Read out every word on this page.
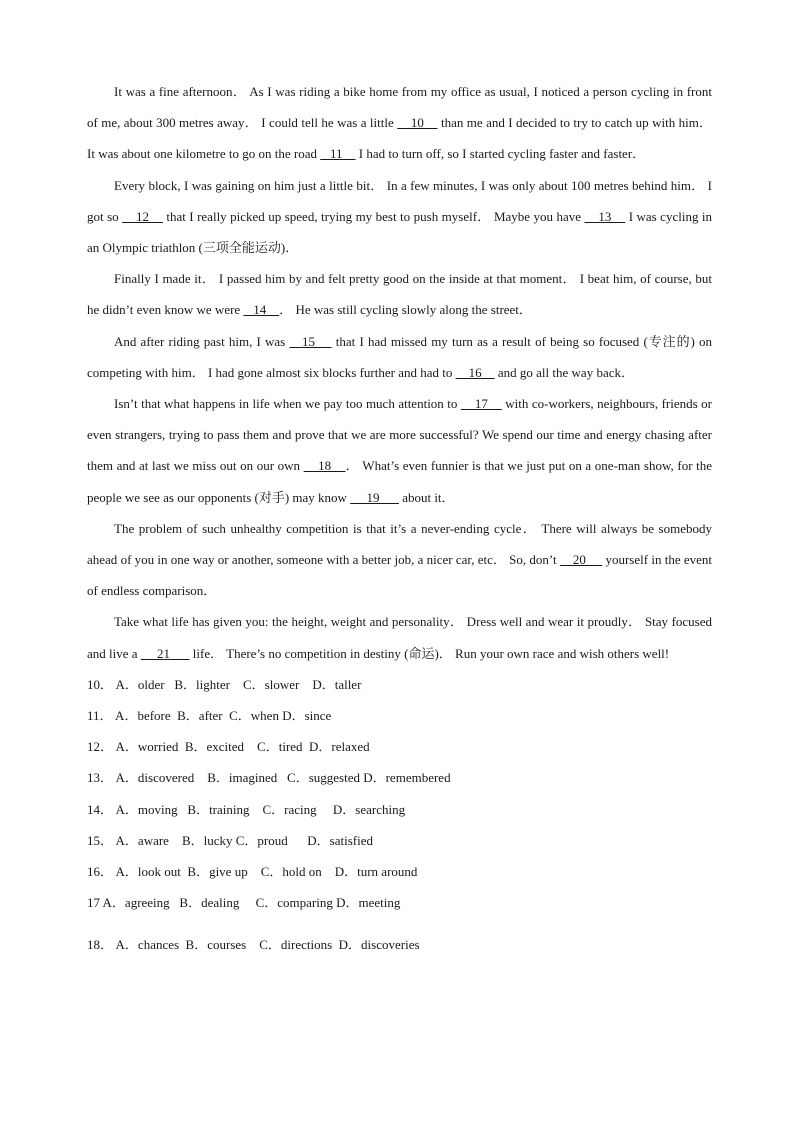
It was a fine afternoon． As I was riding a bike home from my office as usual, I noticed a person cycling in front of me, about 300 metres away． I could tell he was a little     10     than me and I decided to try to catch up with him． It was about one kilometre to go on the road    11     I had to turn off, so I started cycling faster and faster．

Every block, I was gaining on him just a little bit． In a few minutes, I was only about 100 metres behind him． I got so     12     that I really picked up speed, trying my best to push myself． Maybe you have     13     I was cycling in an Olympic triathlon (三项全能运动)．

Finally I made it． I passed him by and felt pretty good on the inside at that moment． I beat him, of course, but he didn’t even know we were    14    ． He was still cycling slowly along the street．

And after riding past him, I was    15     that I had missed my turn as a result of being so focused (专注的) on competing with him． I had gone almost six blocks further and had to     16     and go all the way back．

Isn’t that what happens in life when we pay too much attention to     17     with co-workers, neighbours, friends or even strangers, trying to pass them and prove that we are more successful? We spend our time and energy chasing after them and at last we miss out on our own     18    ． What’s even funnier is that we just put on a one-man show, for the people we see as our opponents (对手) may know      19       about it．

The problem of such unhealthy competition is that it’s a never-ending cycle． There will always be somebody ahead of you in one way or another, someone with a better job, a nicer car, etc． So, don’t     20      yourself in the event of endless comparison．

Take what life has given you: the height, weight and personality． Dress well and wear it proudly． Stay focused and live a      21       life． There’s no competition in destiny (命运)． Run your own race and wish others well!

10． A．older   B．lighter    C．slower    D．taller
11． A．before  B．after  C．when D．since
12． A．worried  B．excited    C．tired  D．relaxed
13． A．discovered    B．imagined   C．suggested D．remembered
14． A．moving   B．training    C．racing     D．searching
15． A．aware    B．lucky C．proud      D．satisfied
16． A．look out  B．give up    C．hold on    D．turn around
17 A．agreeing   B．dealing     C．comparing D．meeting
18． A．chances  B．courses    C．directions  D．discoveries
